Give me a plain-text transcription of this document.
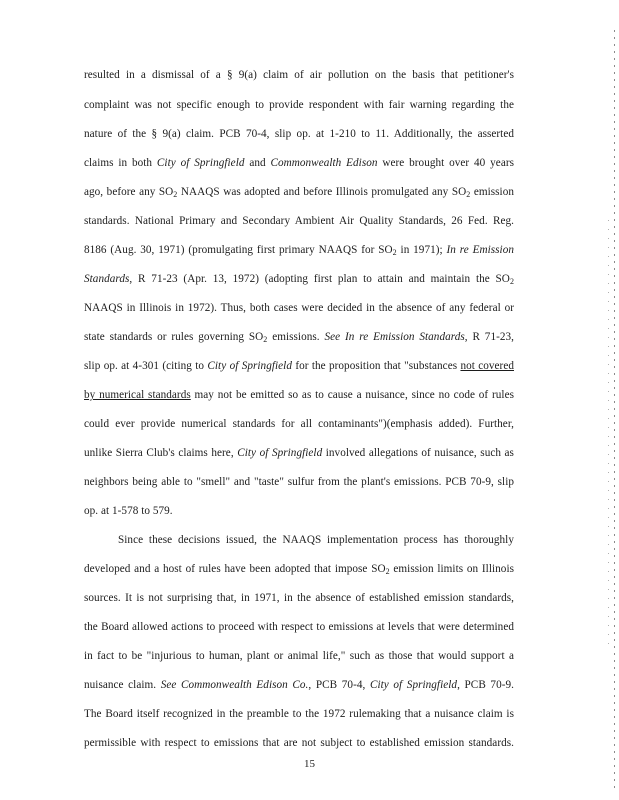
resulted in a dismissal of a § 9(a) claim of air pollution on the basis that petitioner's
complaint was not specific enough to provide respondent with fair warning regarding the
nature of the § 9(a) claim. PCB 70-4, slip op. at 1-210 to 11. Additionally, the asserted
claims in both City of Springfield and Commonwealth Edison were brought over 40 years
ago, before any $SO_2$ NAAQS was adopted and before Illinois promulgated any $SO_2$ emission
standards. National Primary and Secondary Ambient Air Quality Standards, 26 Fed. Reg.
8186 (Aug. 30, 1971) (promulgating first primary NAAQS for $SO_2$ in 1971); In re Emission
Standards, R 71-23 (Apr. 13, 1972) (adopting first plan to attain and maintain the $SO_2$
NAAQS in Illinois in 1972). Thus, both cases were decided in the absence of any federal or
state standards or rules governing $SO_2$ emissions. See In re Emission Standards, R 71-23,
slip op. at 4-301 (citing to City of Springfield for the proposition that "substances not covered
by numerical standards may not be emitted so as to cause a nuisance, since no code of rules
could ever provide numerical standards for all contaminants")(emphasis added). Further,
unlike Sierra Club's claims here, City of Springfield involved allegations of nuisance, such as
neighbors being able to "smell" and "taste" sulfur from the plant's emissions. PCB 70-9, slip
op. at 1-578 to 579.
Since these decisions issued, the NAAQS implementation process has thoroughly
developed and a host of rules have been adopted that impose $SO_2$ emission limits on Illinois
sources. It is not surprising that, in 1971, in the absence of established emission standards,
the Board allowed actions to proceed with respect to emissions at levels that were determined
in fact to be "injurious to human, plant or animal life," such as those that would support a
nuisance claim. See Commonwealth Edison Co., PCB 70-4, City of Springfield, PCB 70-9.
The Board itself recognized in the preamble to the 1972 rulemaking that a nuisance claim is
permissible with respect to emissions that are not subject to established emission standards.
15
